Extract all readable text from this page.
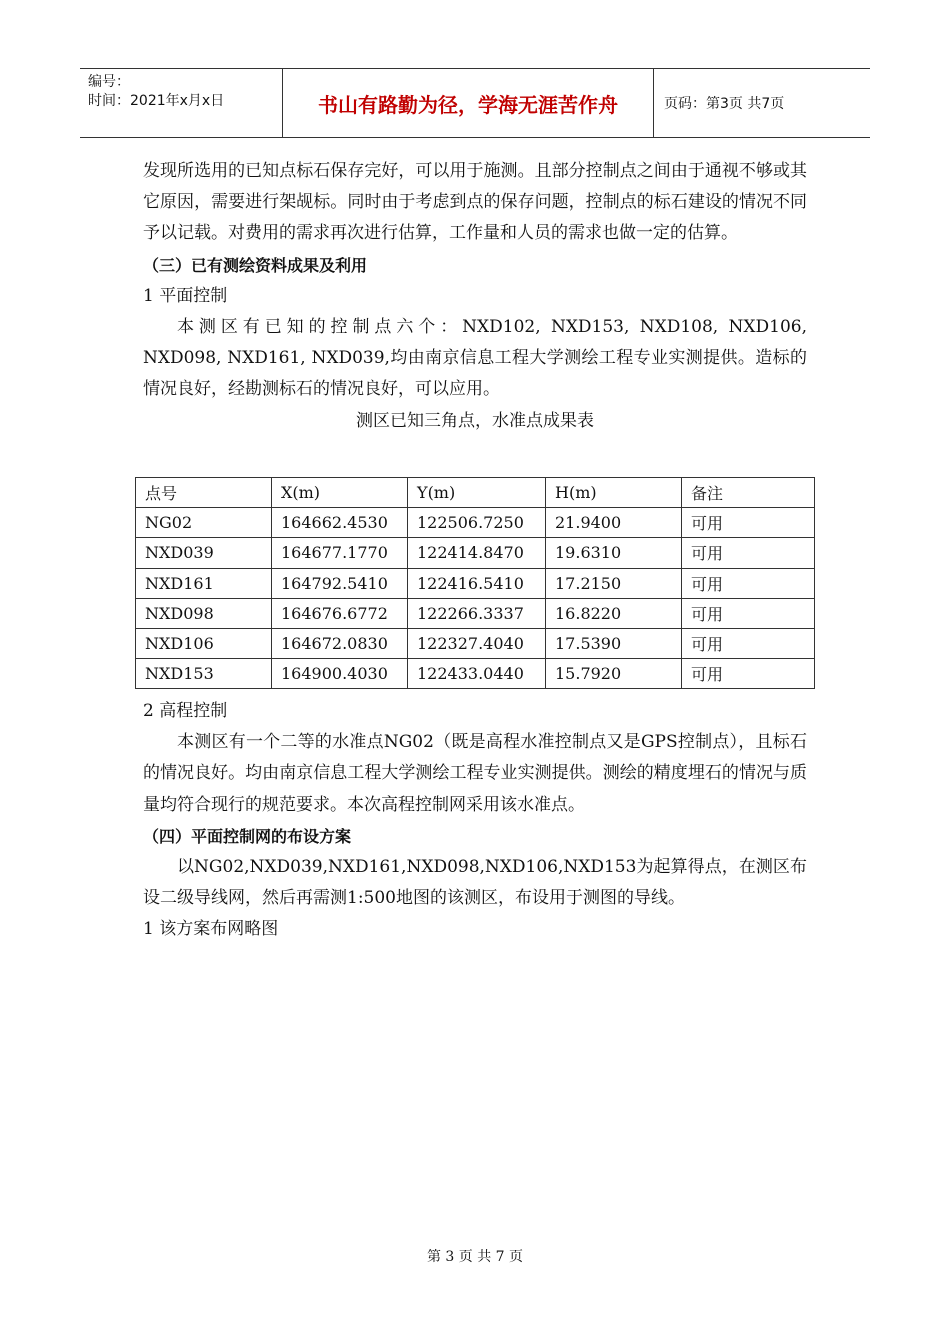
编号：
时间：2021年x月x日	书山有路勤为径，学海无涯苦作舟	页码：第3页 共7页

发现所选用的已知点标石保存完好，可以用于施测。且部分控制点之间由于通视不够或其它原因，需要进行架觇标。同时由于考虑到点的保存问题，控制点的标石建设的情况不同予以记载。对费用的需求再次进行估算，工作量和人员的需求也做一定的估算。

（三）已有测绘资料成果及利用

1 平面控制

本测区有已知的控制点六个：NXD102, NXD153, NXD108, NXD106, NXD098, NXD161, NXD039,均由南京信息工程大学测绘工程专业实测提供。造标的情况良好，经勘测标石的情况良好，可以应用。

测区已知三角点，水准点成果表

点号	X(m)	Y(m)	H(m)	备注
NG02	164662.4530	122506.7250	21.9400	可用
NXD039	164677.1770	122414.8470	19.6310	可用
NXD161	164792.5410	122416.5410	17.2150	可用
NXD098	164676.6772	122266.3337	16.8220	可用
NXD106	164672.0830	122327.4040	17.5390	可用
NXD153	164900.4030	122433.0440	15.7920	可用

2 高程控制

本测区有一个二等的水准点NG02（既是高程水准控制点又是GPS控制点），且标石的情况良好。均由南京信息工程大学测绘工程专业实测提供。测绘的精度埋石的情况与质量均符合现行的规范要求。本次高程控制网采用该水准点。

（四）平面控制网的布设方案

以NG02,NXD039,NXD161,NXD098,NXD106,NXD153为起算得点，在测区布设二级导线网，然后再需测1:500地图的该测区，布设用于测图的导线。

1 该方案布网略图

第 3 页 共 7 页
